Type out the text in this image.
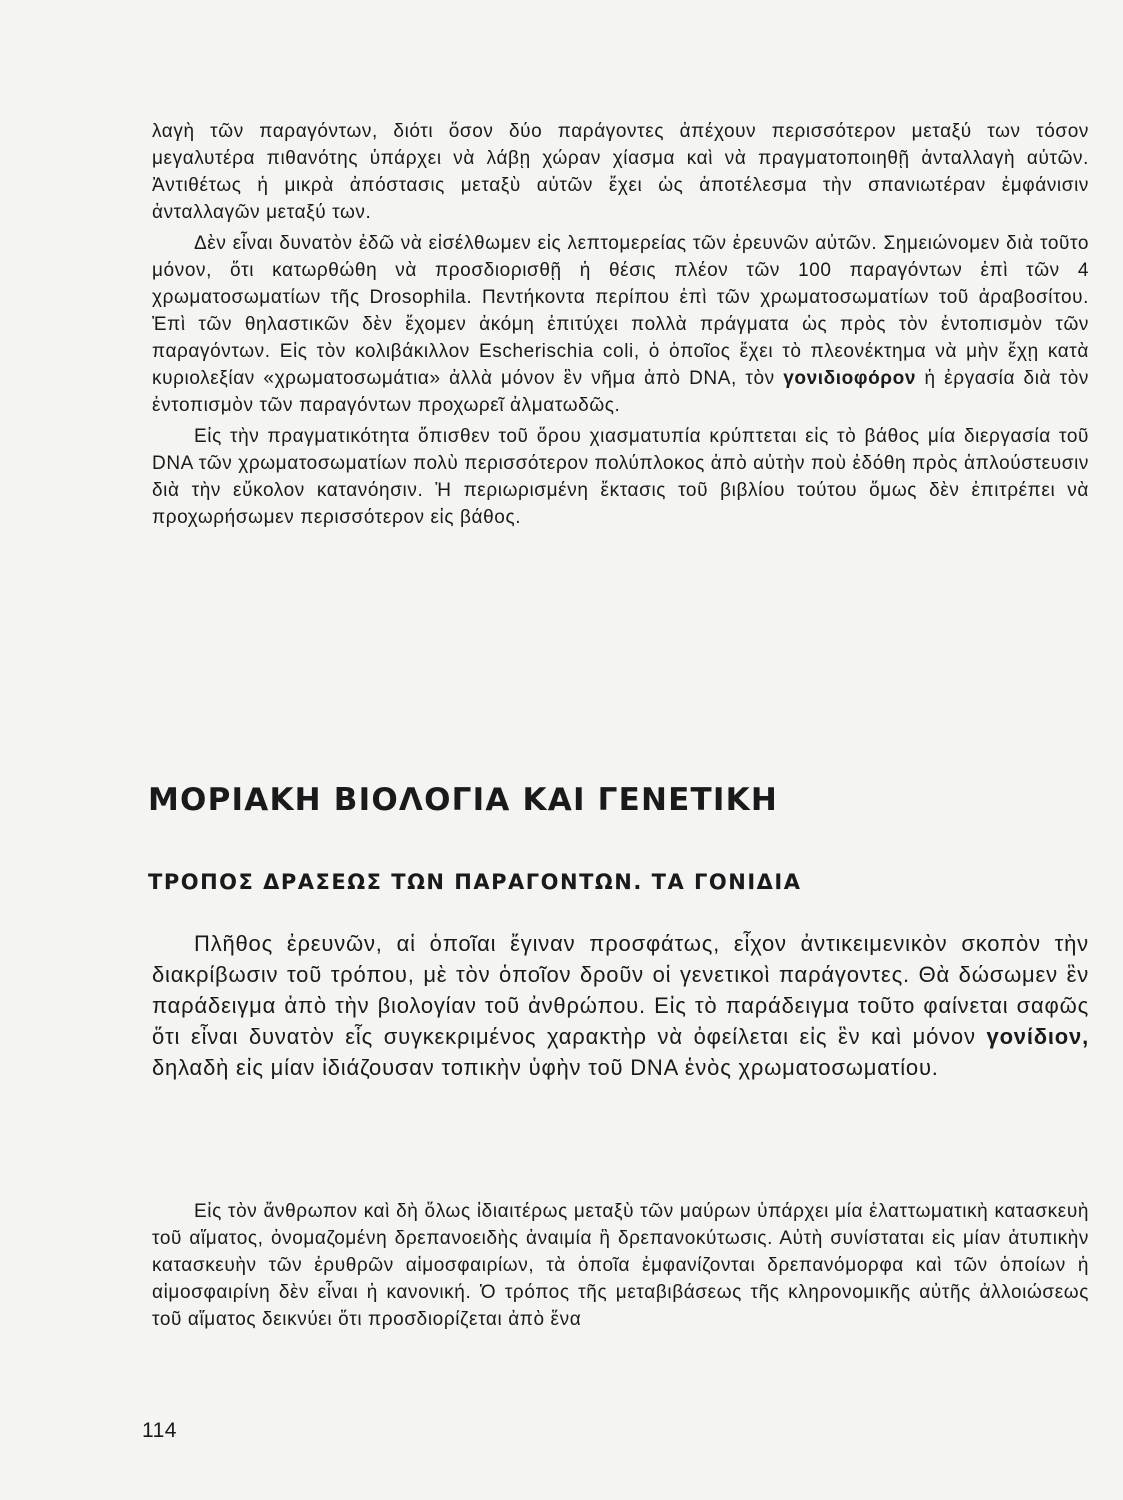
λαγὴ τῶν παραγόντων, διότι ὅσον δύο παράγοντες ἀπέχουν περισσότερον μεταξύ των τόσον μεγαλυτέρα πιθανότης ὑπάρχει νὰ λάβῃ χώραν χίασμα καὶ νὰ πραγματοποιηθῇ ἀνταλλαγὴ αὐτῶν. Ἀντιθέτως ἡ μικρὰ ἀπόστασις μεταξὺ αὐτῶν ἔχει ὡς ἀποτέλεσμα τὴν σπανιωτέραν ἐμφάνισιν ἀνταλλαγῶν μεταξύ των.

Δὲν εἶναι δυνατὸν ἐδῶ νὰ εἰσέλθωμεν εἰς λεπτομερείας τῶν ἐρευνῶν αὐτῶν. Σημειώνομεν διὰ τοῦτο μόνον, ὅτι κατωρθώθη νὰ προσδιορισθῇ ἡ θέσις πλέον τῶν 100 παραγόντων ἐπὶ τῶν 4 χρωματοσωματίων τῆς Drosophila. Πεντήκοντα περίπου ἐπὶ τῶν χρωματοσωματίων τοῦ ἀραβοσίτου. Ἐπὶ τῶν θηλαστικῶν δὲν ἔχομεν ἀκόμη ἐπιτύχει πολλὰ πράγματα ὡς πρὸς τὸν ἐντοπισμὸν τῶν παραγόντων. Εἰς τὸν κολιβάκιλλον Escherischia coli, ὁ ὁποῖος ἔχει τὸ πλεονέκτημα νὰ μὴν ἔχῃ κατὰ κυριολεξίαν «χρωματοσωμάτια» ἀλλὰ μόνον ἓν νῆμα ἀπὸ DNA, τὸν γονιδιοφόρον ἡ ἐργασία διὰ τὸν ἐντοπισμὸν τῶν παραγόντων προχωρεῖ ἀλματωδῶς.

Εἰς τὴν πραγματικότητα ὄπισθεν τοῦ ὅρου χιασματυπία κρύπτεται εἰς τὸ βάθος μία διεργασία τοῦ DNA τῶν χρωματοσωματίων πολὺ περισσότερον πολύπλοκος ἀπὸ αὐτὴν ποὺ ἐδόθη πρὸς ἁπλούστευσιν διὰ τὴν εὔκολον κατανόησιν. Ἡ περιωρισμένη ἔκτασις τοῦ βιβλίου τούτου ὅμως δὲν ἐπιτρέπει νὰ προχωρήσωμεν περισσότερον εἰς βάθος.

ΜΟΡΙΑΚΗ ΒΙΟΛΟΓΙΑ ΚΑΙ ΓΕΝΕΤΙΚΗ
ΤΡΟΠΟΣ ΔΡΑΣΕΩΣ ΤΩΝ ΠΑΡΑΓΟΝΤΩΝ. ΤΑ ΓΟΝΙΔΙΑ

Πλῆθος ἐρευνῶν, αἱ ὁποῖαι ἔγιναν προσφάτως, εἶχον ἀντικειμενικὸν σκοπὸν τὴν διακρίβωσιν τοῦ τρόπου, μὲ τὸν ὁποῖον δροῦν οἱ γενετικοὶ παράγοντες. Θὰ δώσωμεν ἓν παράδειγμα ἀπὸ τὴν βιολογίαν τοῦ ἀνθρώπου. Εἰς τὸ παράδειγμα τοῦτο φαίνεται σαφῶς ὅτι εἶναι δυνατὸν εἷς συγκεκριμένος χαρακτὴρ νὰ ὀφείλεται εἰς ἓν καὶ μόνον γονίδιον, δηλαδὴ εἰς μίαν ἰδιάζουσαν τοπικὴν ὑφὴν τοῦ DNA ἑνὸς χρωματοσωματίου.

Εἰς τὸν ἄνθρωπον καὶ δὴ ὅλως ἰδιαιτέρως μεταξὺ τῶν μαύρων ὑπάρχει μία ἐλαττωματικὴ κατασκευὴ τοῦ αἵματος, ὀνομαζομένη δρεπανοειδὴς ἀναιμία ἢ δρεπανοκύτωσις. Αὐτὴ συνίσταται εἰς μίαν ἀτυπικὴν κατασκευὴν τῶν ἐρυθρῶν αἱμοσφαιρίων, τὰ ὁποῖα ἐμφανίζονται δρεπανόμορφα καὶ τῶν ὁποίων ἡ αἱμοσφαιρίνη δὲν εἶναι ἡ κανονική. Ὁ τρόπος τῆς μεταβιβάσεως τῆς κληρονομικῆς αὐτῆς ἀλλοιώσεως τοῦ αἵματος δεικνύει ὅτι προσδιορίζεται ἀπὸ ἕνα

114
